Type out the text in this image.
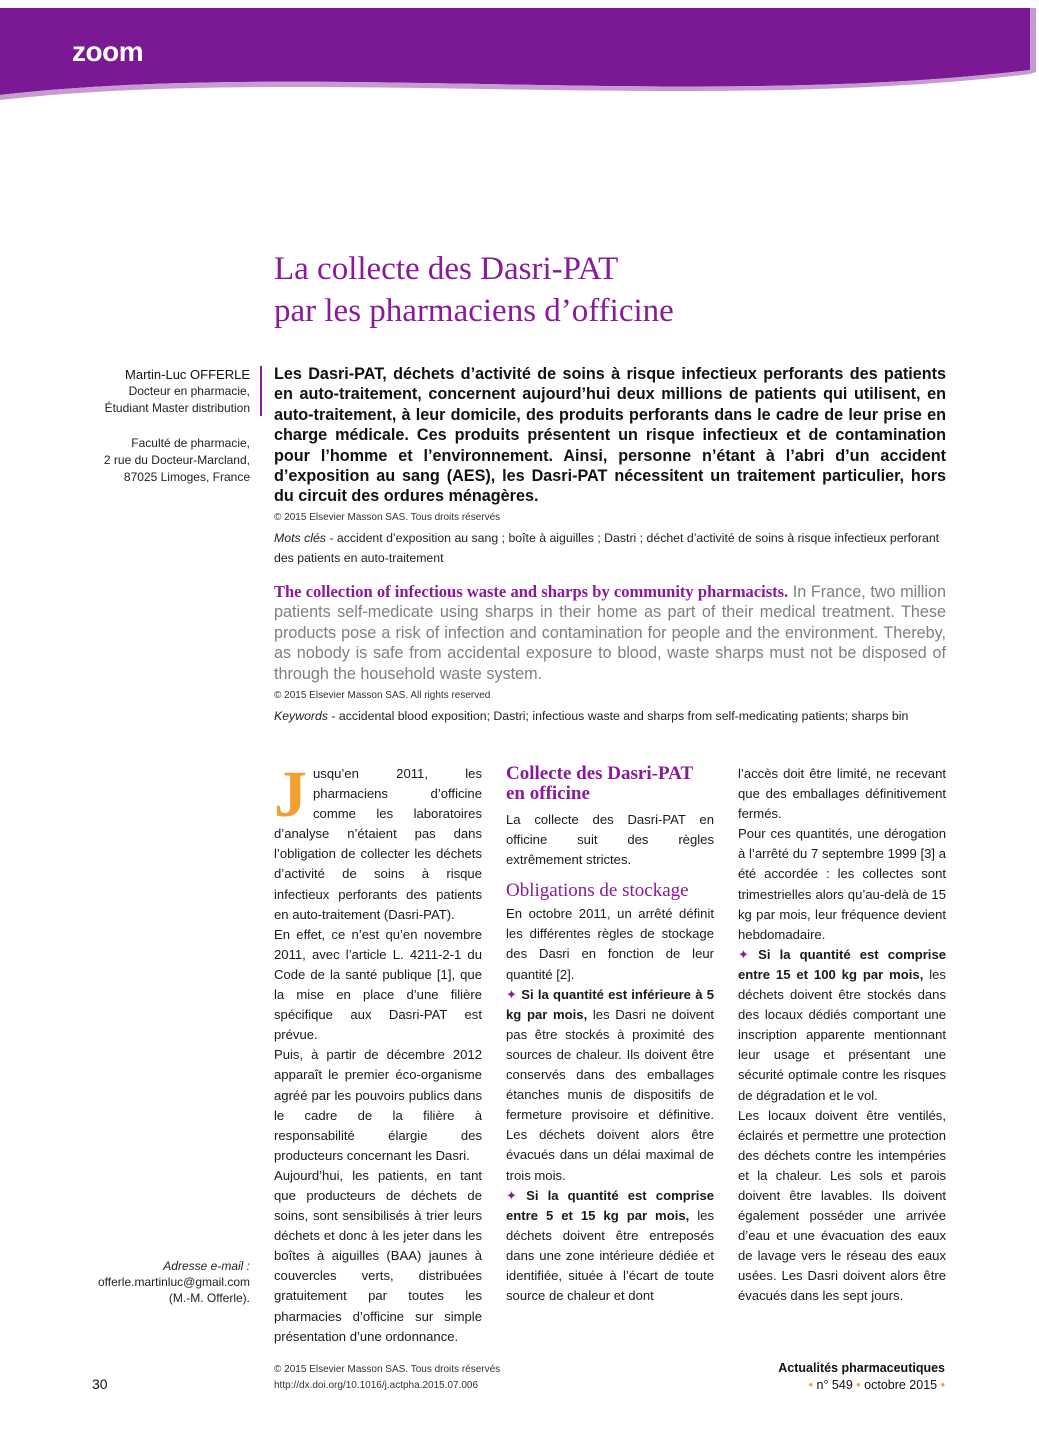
zoom
La collecte des Dasri-PAT
par les pharmaciens d’officine
Martin-Luc OFFERLE
Docteur en pharmacie,
Étudiant Master distribution
Faculté de pharmacie,
2 rue du Docteur-Marcland,
87025 Limoges, France
Les Dasri-PAT, déchets d’activité de soins à risque infectieux perforants des patients en auto-traitement, concernent aujourd’hui deux millions de patients qui utilisent, en auto-traitement, à leur domicile, des produits perforants dans le cadre de leur prise en charge médicale. Ces produits présentent un risque infectieux et de contamination pour l’homme et l’environnement. Ainsi, personne n’étant à l’abri d’un accident d’exposition au sang (AES), les Dasri-PAT nécessitent un traitement particulier, hors du circuit des ordures ménagères.
© 2015 Elsevier Masson SAS. Tous droits réservés
Mots clés - accident d’exposition au sang ; boîte à aiguilles ; Dastri ; déchet d’activité de soins à risque infectieux perforant des patients en auto-traitement
The collection of infectious waste and sharps by community pharmacists. In France, two million patients self-medicate using sharps in their home as part of their medical treatment. These products pose a risk of infection and contamination for people and the environment. Thereby, as nobody is safe from accidental exposure to blood, waste sharps must not be disposed of through the household waste system.
© 2015 Elsevier Masson SAS. All rights reserved
Keywords - accidental blood exposition; Dastri; infectious waste and sharps from self-medicating patients; sharps bin

Jusqu’en 2011, les pharmaciens d’officine comme les laboratoires d’analyse n’étaient pas dans l’obligation de collecter les déchets d’activité de soins à risque infectieux perforants des patients en auto-traitement (Dasri-PAT).

En effet, ce n’est qu’en novembre 2011, avec l’article L. 4211-2-1 du Code de la santé publique [1], que la mise en place d’une filière spécifique aux Dasri-PAT est prévue.

Puis, à partir de décembre 2012 apparaît le premier éco-organisme agréé par les pouvoirs publics dans le cadre de la filière à responsabilité élargie des producteurs concernant les Dasri.

Aujourd’hui, les patients, en tant que producteurs de déchets de soins, sont sensibilisés à trier leurs déchets et donc à les jeter dans les boîtes à aiguilles (BAA) jaunes à couvercles verts, distribuées gratuitement par toutes les pharmacies d’officine sur simple présentation d’une ordonnance.

Collecte des Dasri-PAT en officine

La collecte des Dasri-PAT en officine suit des règles extrêmement strictes.

Obligations de stockage

En octobre 2011, un arrêté définit les différentes règles de stockage des Dasri en fonction de leur quantité [2].

✦ Si la quantité est inférieure à 5 kg par mois, les Dasri ne doivent pas être stockés à proximité des sources de chaleur. Ils doivent être conservés dans des emballages étanches munis de dispositifs de fermeture provisoire et définitive. Les déchets doivent alors être évacués dans un délai maximal de trois mois.

✦ Si la quantité est comprise entre 5 et 15 kg par mois, les déchets doivent être entreposés dans une zone intérieure dédiée et identifiée, située à l’écart de toute source de chaleur et dont

l’accès doit être limité, ne recevant que des emballages définitivement fermés.

Pour ces quantités, une dérogation à l’arrêté du 7 septembre 1999 [3] a été accordée : les collectes sont trimestrielles alors qu’au-delà de 15 kg par mois, leur fréquence devient hebdomadaire.

✦ Si la quantité est comprise entre 15 et 100 kg par mois, les déchets doivent être stockés dans des locaux dédiés comportant une inscription apparente mentionnant leur usage et présentant une sécurité optimale contre les risques de dégradation et le vol.

Les locaux doivent être ventilés, éclairés et permettre une protection des déchets contre les intempéries et la chaleur. Les sols et parois doivent être lavables. Ils doivent également posséder une arrivée d’eau et une évacuation des eaux de lavage vers le réseau des eaux usées. Les Dasri doivent alors être évacués dans les sept jours.

Adresse e-mail :
offerle.martinluc@gmail.com
(M.-M. Offerle).
30
© 2015 Elsevier Masson SAS. Tous droits réservés
http://dx.doi.org/10.1016/j.actpha.2015.07.006
Actualités pharmaceutiques
• n° 549 • octobre 2015 •
